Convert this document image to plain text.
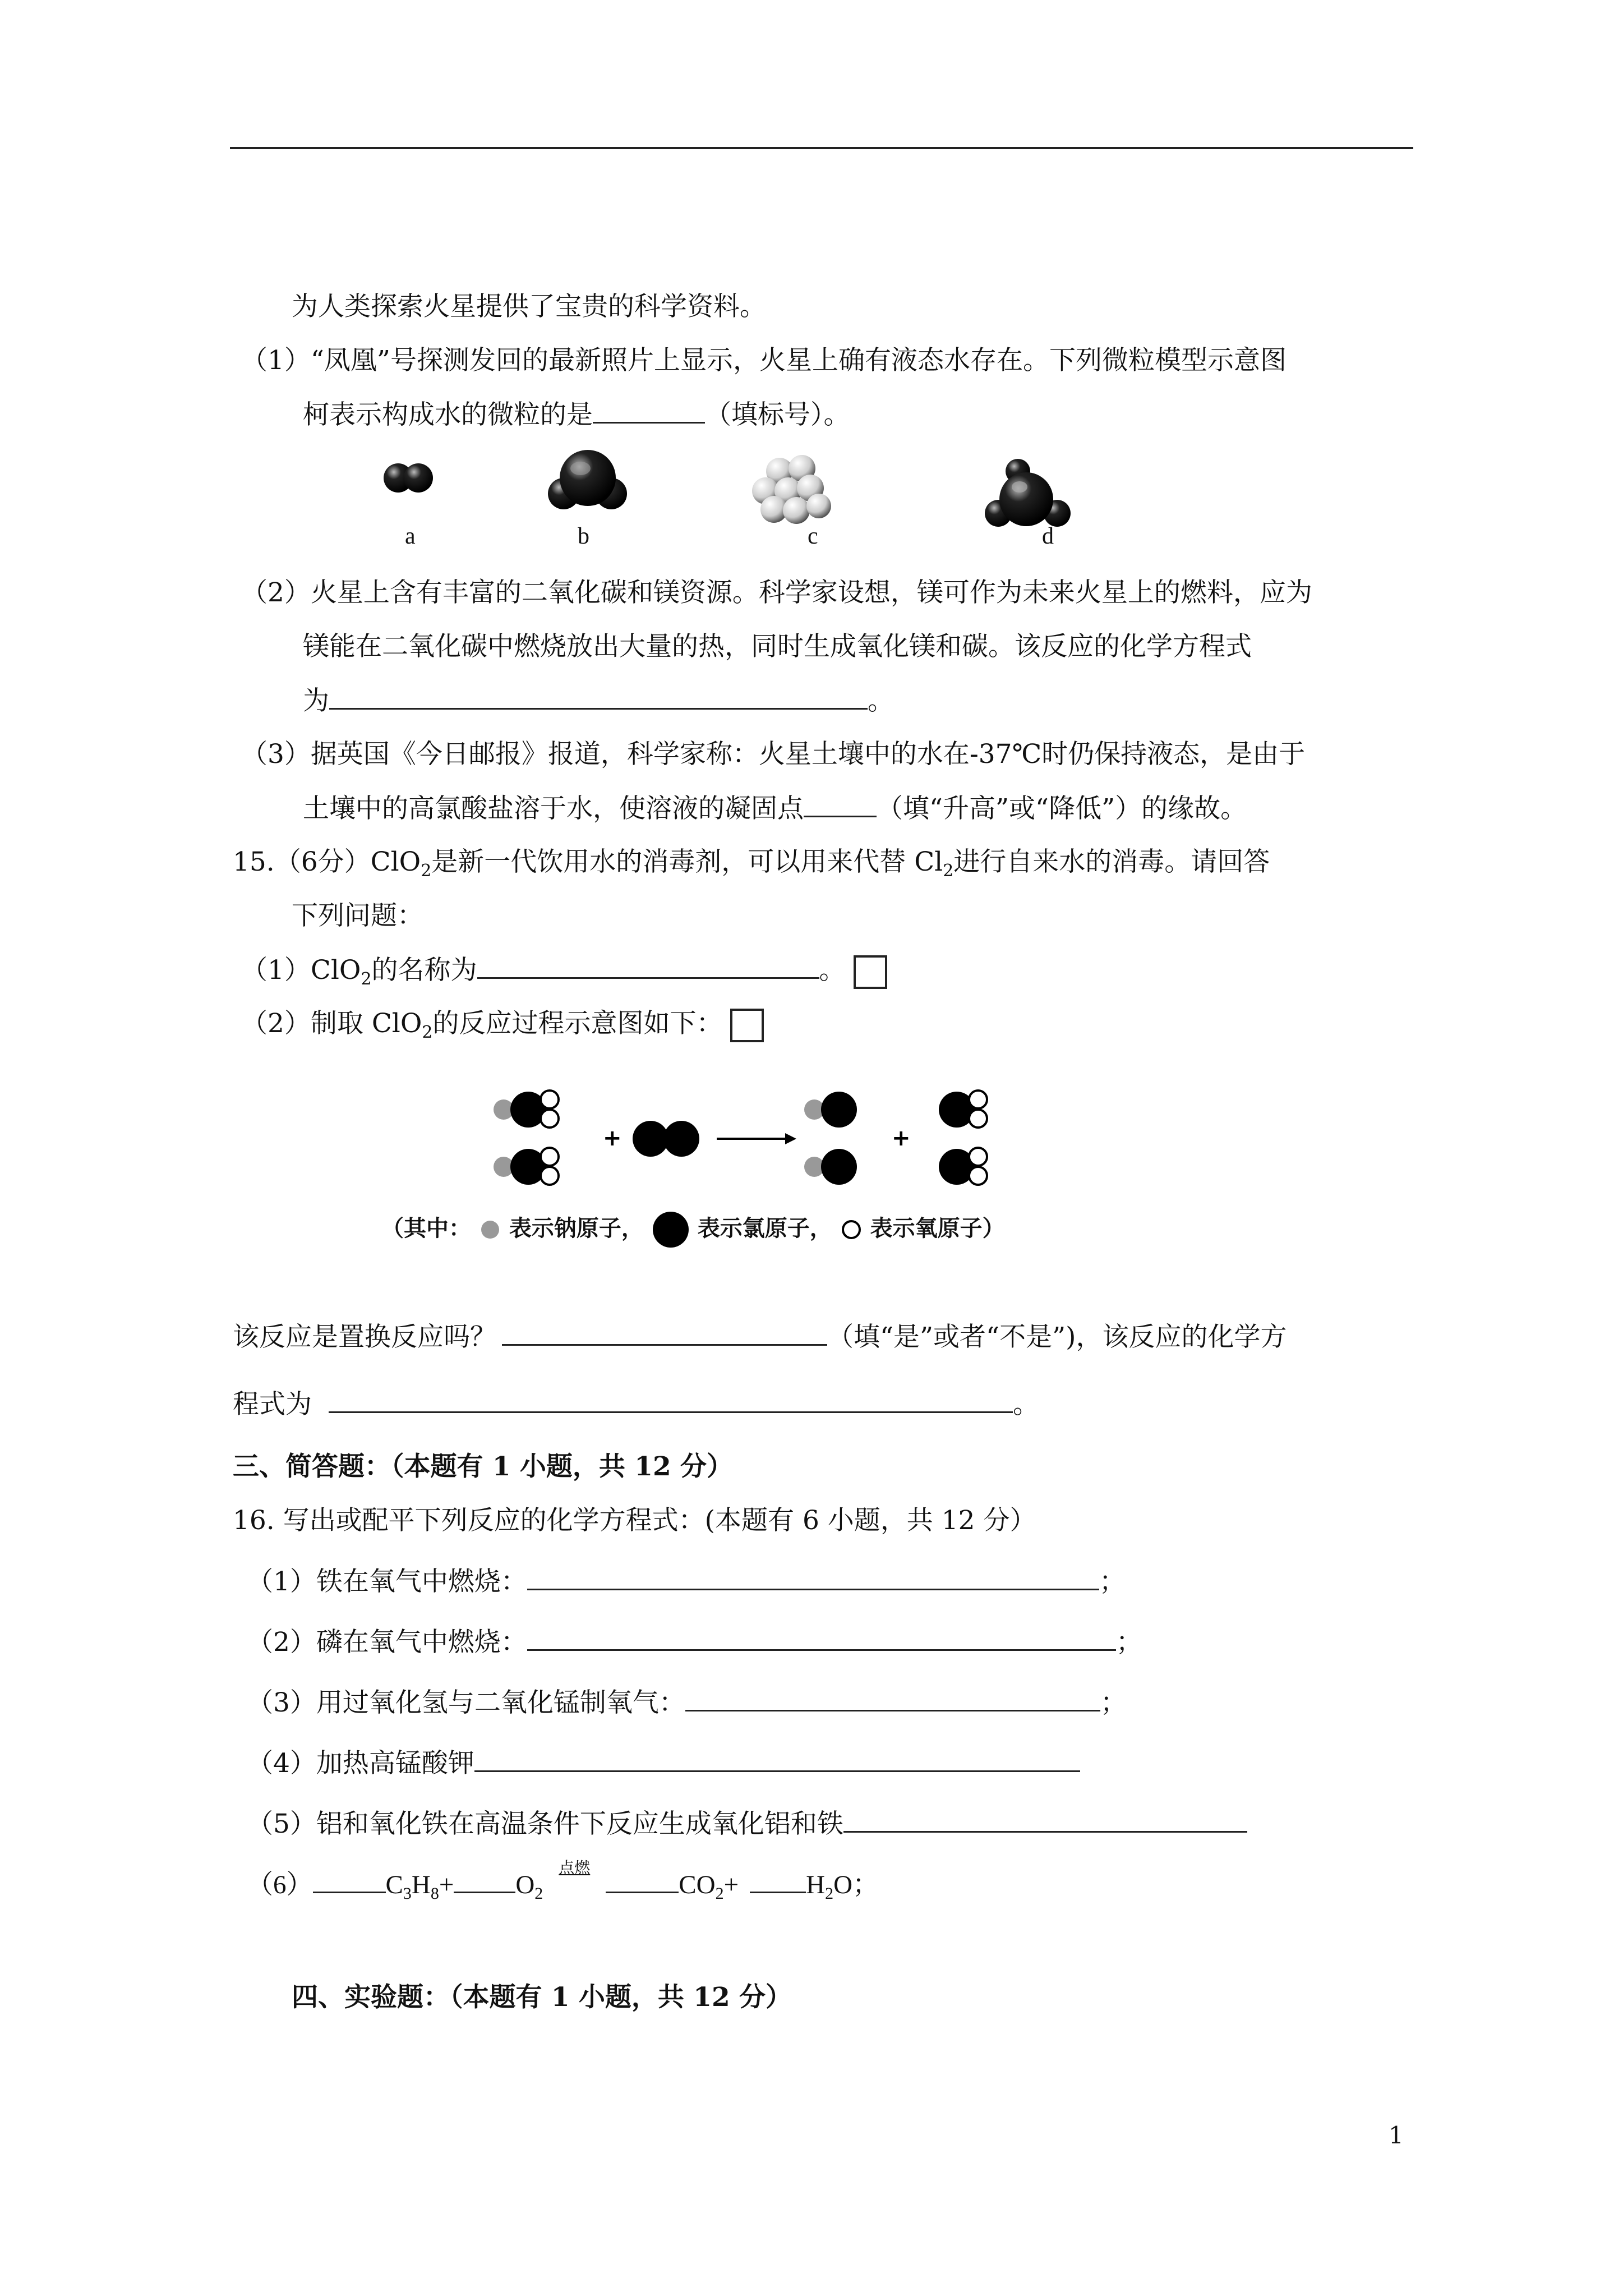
为人类探索火星提供了宝贵的科学资料。
（1）“凤凰”号探测发回的最新照片上显示，火星上确有液态水存在。下列微粒模型示意图
柯表示构成水的微粒的是	（填标号）。
a	b	c	d
（2）火星上含有丰富的二氧化碳和镁资源。科学家设想，镁可作为未来火星上的燃料，应为
镁能在二氧化碳中燃烧放出大量的热，同时生成氧化镁和碳。该反应的化学方程式
为	。
（3）据英国《今日邮报》报道，科学家称：火星土壤中的水在-37℃时仍保持液态，是由于
土壤中的高氯酸盐溶于水，使溶液的凝固点	（填“升高”或“降低”）的缘故。
15.（6分）ClO$_2$是新一代饮用水的消毒剂，可以用来代替 $Cl_2$进行自来水的消毒。请回答
下列问题：
（1）ClO$_2$的名称为	。
（2）制取 ClO$_2$的反应过程示意图如下：
+	+
（其中： 表示钠原子， 表示氯原子， 表示氧原子）
该反应是置换反应吗？	（填“是”或者“不是”)，该反应的化学方
程式为	。
三、简答题：（本题有 1 小题，共 12 分）
16. 写出或配平下列反应的化学方程式：(本题有 6 小题，共 12 分）
（1）铁在氧气中燃烧：	；
（2）磷在氧气中燃烧：	；
（3）用过氧化氢与二氧化锰制氧气：	；
（4）加热高锰酸钾
（5）铝和氧化铁在高温条件下反应生成氧化铝和铁
（6）	$C_3H_8+ O_2$点燃$CO_2+$	$H_2O$；
四、实验题：（本题有 1 小题，共 12 分）
1
